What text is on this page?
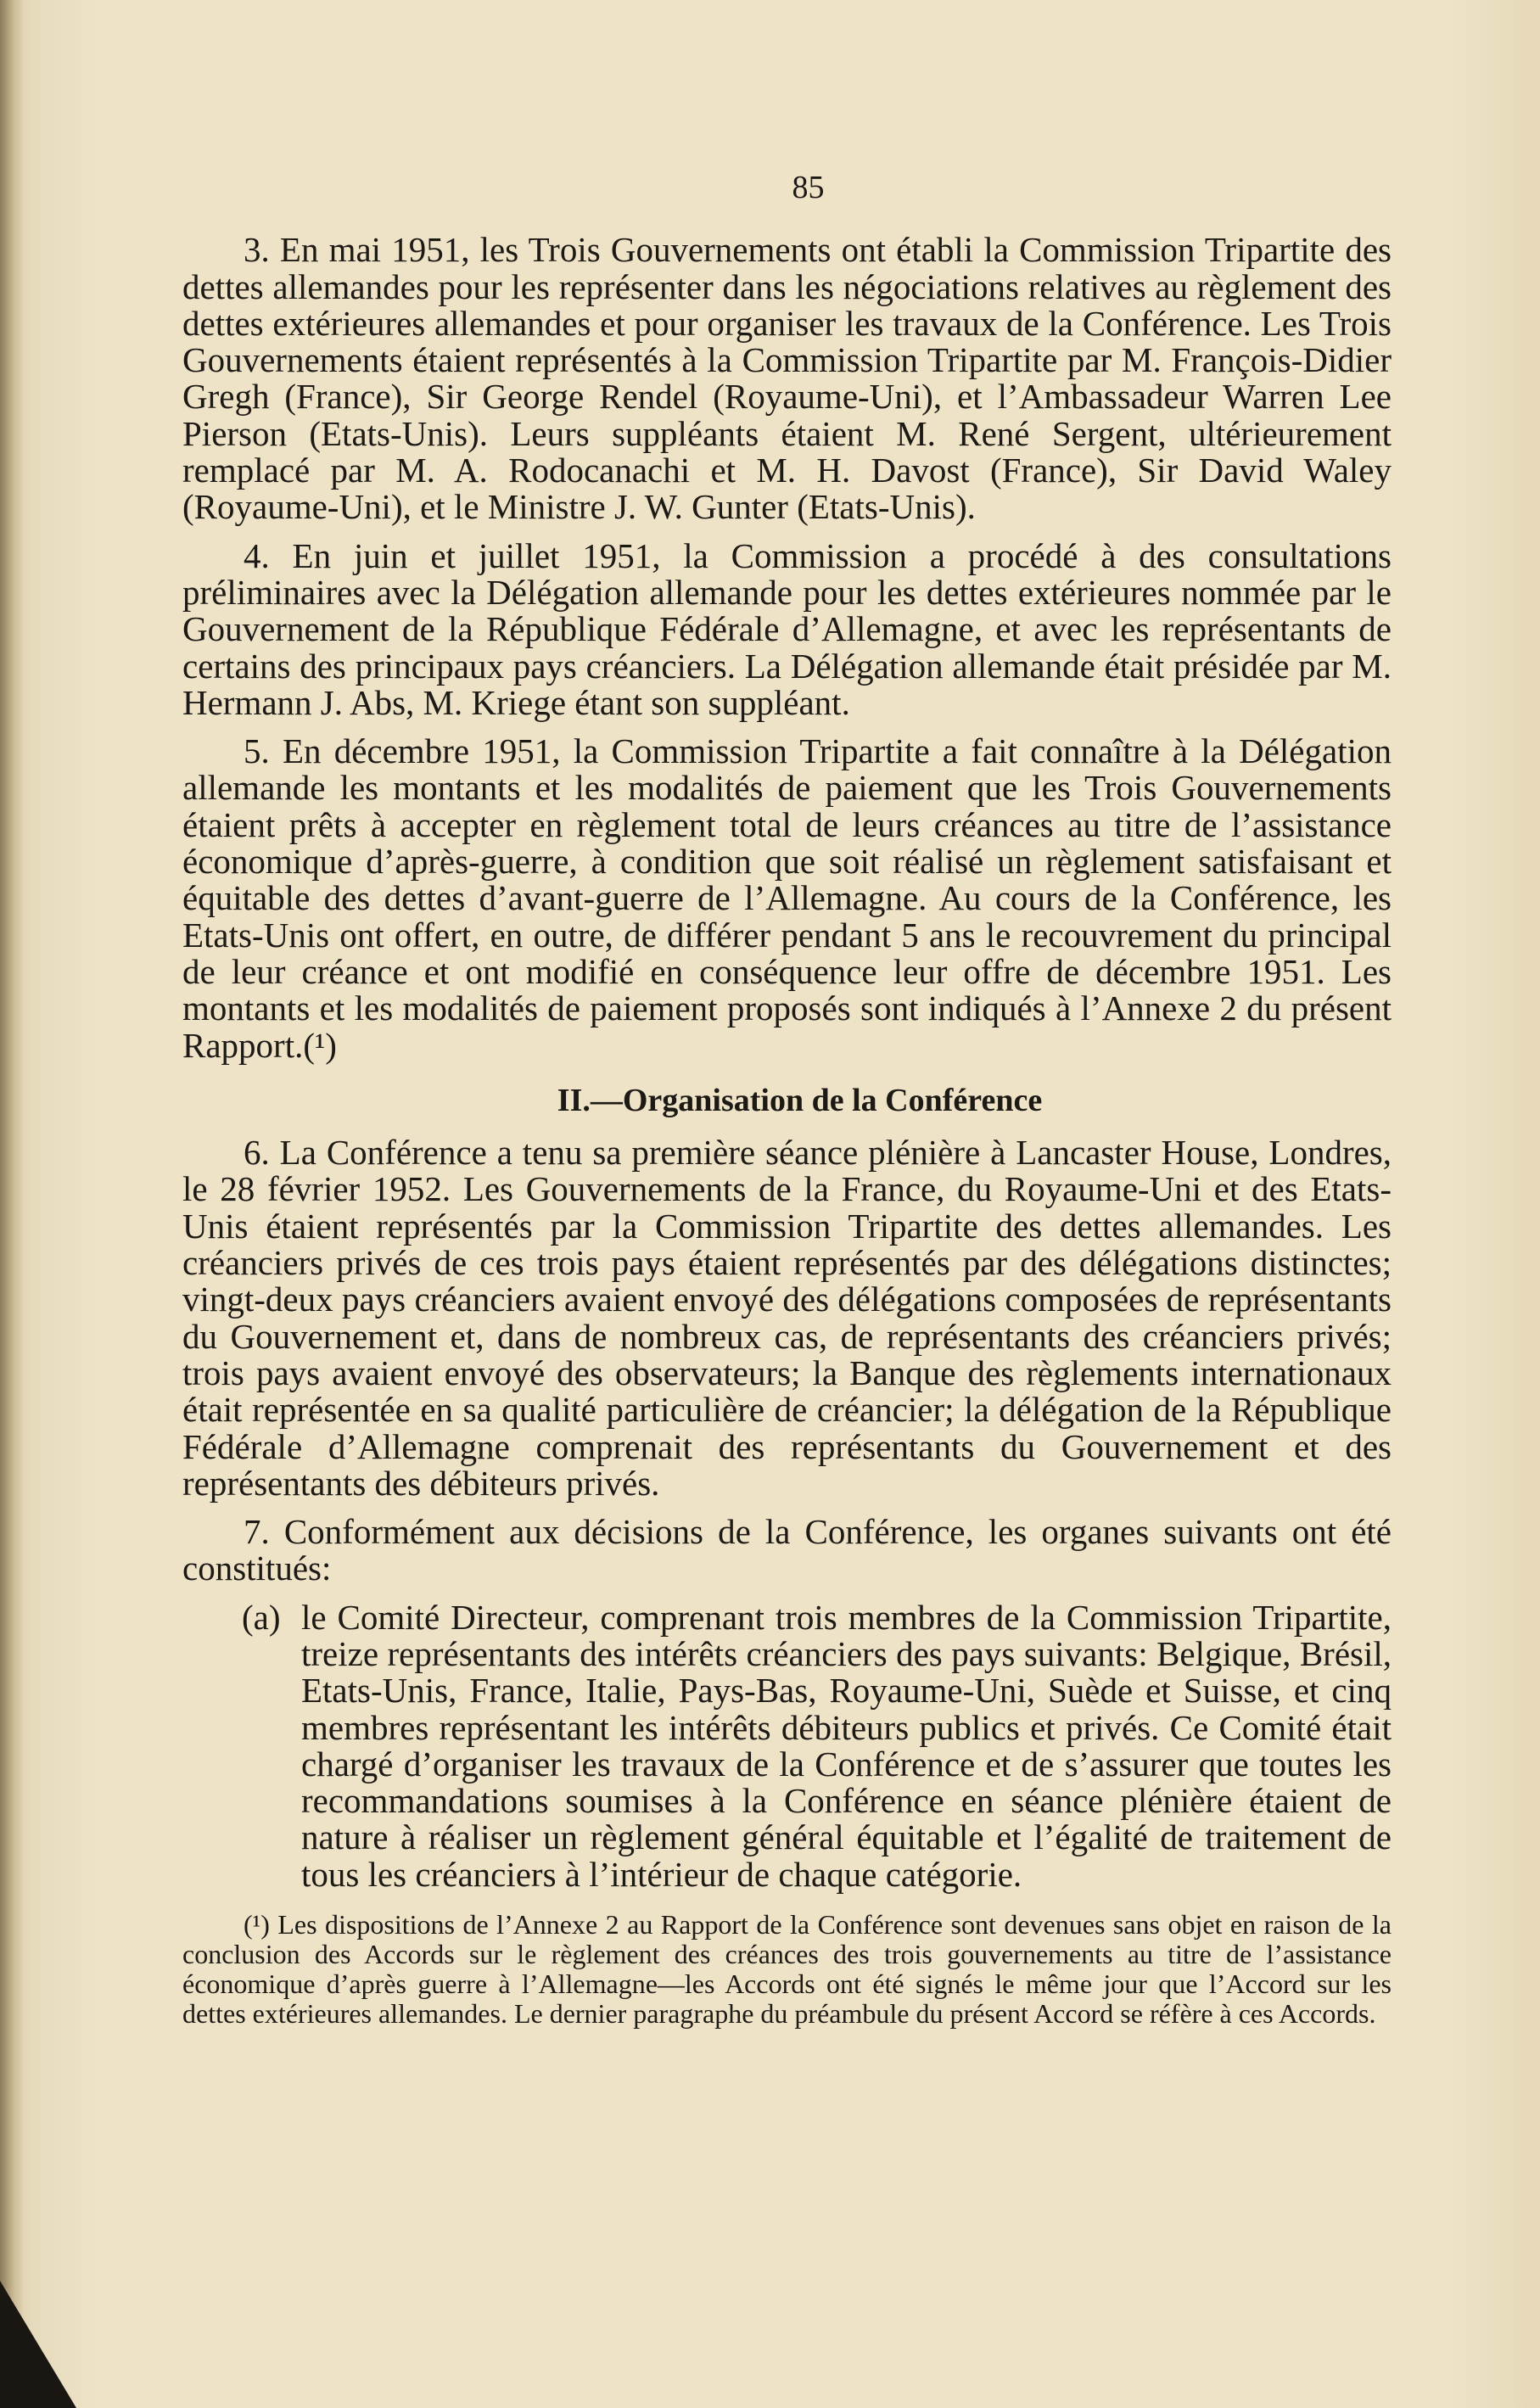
85

3. En mai 1951, les Trois Gouvernements ont établi la Commission Tripartite des dettes allemandes pour les représenter dans les négociations relatives au règlement des dettes extérieures allemandes et pour organiser les travaux de la Conférence. Les Trois Gouvernements étaient représentés à la Commission Tripartite par M. François-Didier Gregh (France), Sir George Rendel (Royaume-Uni), et l’Ambassadeur Warren Lee Pierson (Etats-Unis). Leurs suppléants étaient M. René Sergent, ultérieurement remplacé par M. A. Rodocanachi et M. H. Davost (France), Sir David Waley (Royaume-Uni), et le Ministre J. W. Gunter (Etats-Unis).

4. En juin et juillet 1951, la Commission a procédé à des consultations préliminaires avec la Délégation allemande pour les dettes extérieures nommée par le Gouvernement de la République Fédérale d’Allemagne, et avec les représentants de certains des principaux pays créanciers. La Délégation allemande était présidée par M. Hermann J. Abs, M. Kriege étant son suppléant.

5. En décembre 1951, la Commission Tripartite a fait connaître à la Délégation allemande les montants et les modalités de paiement que les Trois Gouvernements étaient prêts à accepter en règlement total de leurs créances au titre de l’assistance économique d’après-guerre, à condition que soit réalisé un règlement satisfaisant et équitable des dettes d’avant-guerre de l’Allemagne. Au cours de la Conférence, les Etats-Unis ont offert, en outre, de différer pendant 5 ans le recouvrement du principal de leur créance et ont modifié en conséquence leur offre de décembre 1951. Les montants et les modalités de paiement proposés sont indiqués à l’Annexe 2 du présent Rapport.(¹)

II.—Organisation de la Conférence

6. La Conférence a tenu sa première séance plénière à Lancaster House, Londres, le 28 février 1952. Les Gouvernements de la France, du Royaume-Uni et des Etats-Unis étaient représentés par la Commission Tripartite des dettes allemandes. Les créanciers privés de ces trois pays étaient représentés par des délégations distinctes; vingt-deux pays créanciers avaient envoyé des délégations composées de représentants du Gouvernement et, dans de nombreux cas, de représentants des créanciers privés; trois pays avaient envoyé des observateurs; la Banque des règlements internationaux était représentée en sa qualité particulière de créancier; la délégation de la République Fédérale d’Allemagne comprenait des représentants du Gouvernement et des représentants des débiteurs privés.

7. Conformément aux décisions de la Conférence, les organes suivants ont été constitués:

(a) le Comité Directeur, comprenant trois membres de la Commission Tripartite, treize représentants des intérêts créanciers des pays suivants: Belgique, Brésil, Etats-Unis, France, Italie, Pays-Bas, Royaume-Uni, Suède et Suisse, et cinq membres représentant les intérêts débiteurs publics et privés. Ce Comité était chargé d’organiser les travaux de la Conférence et de s’assurer que toutes les recommandations soumises à la Conférence en séance plénière étaient de nature à réaliser un règlement général équitable et l’égalité de traitement de tous les créanciers à l’intérieur de chaque catégorie.

(¹) Les dispositions de l’Annexe 2 au Rapport de la Conférence sont devenues sans objet en raison de la conclusion des Accords sur le règlement des créances des trois gouvernements au titre de l’assistance économique d’après guerre à l’Allemagne—les Accords ont été signés le même jour que l’Accord sur les dettes extérieures allemandes. Le dernier paragraphe du préambule du présent Accord se réfère à ces Accords.
